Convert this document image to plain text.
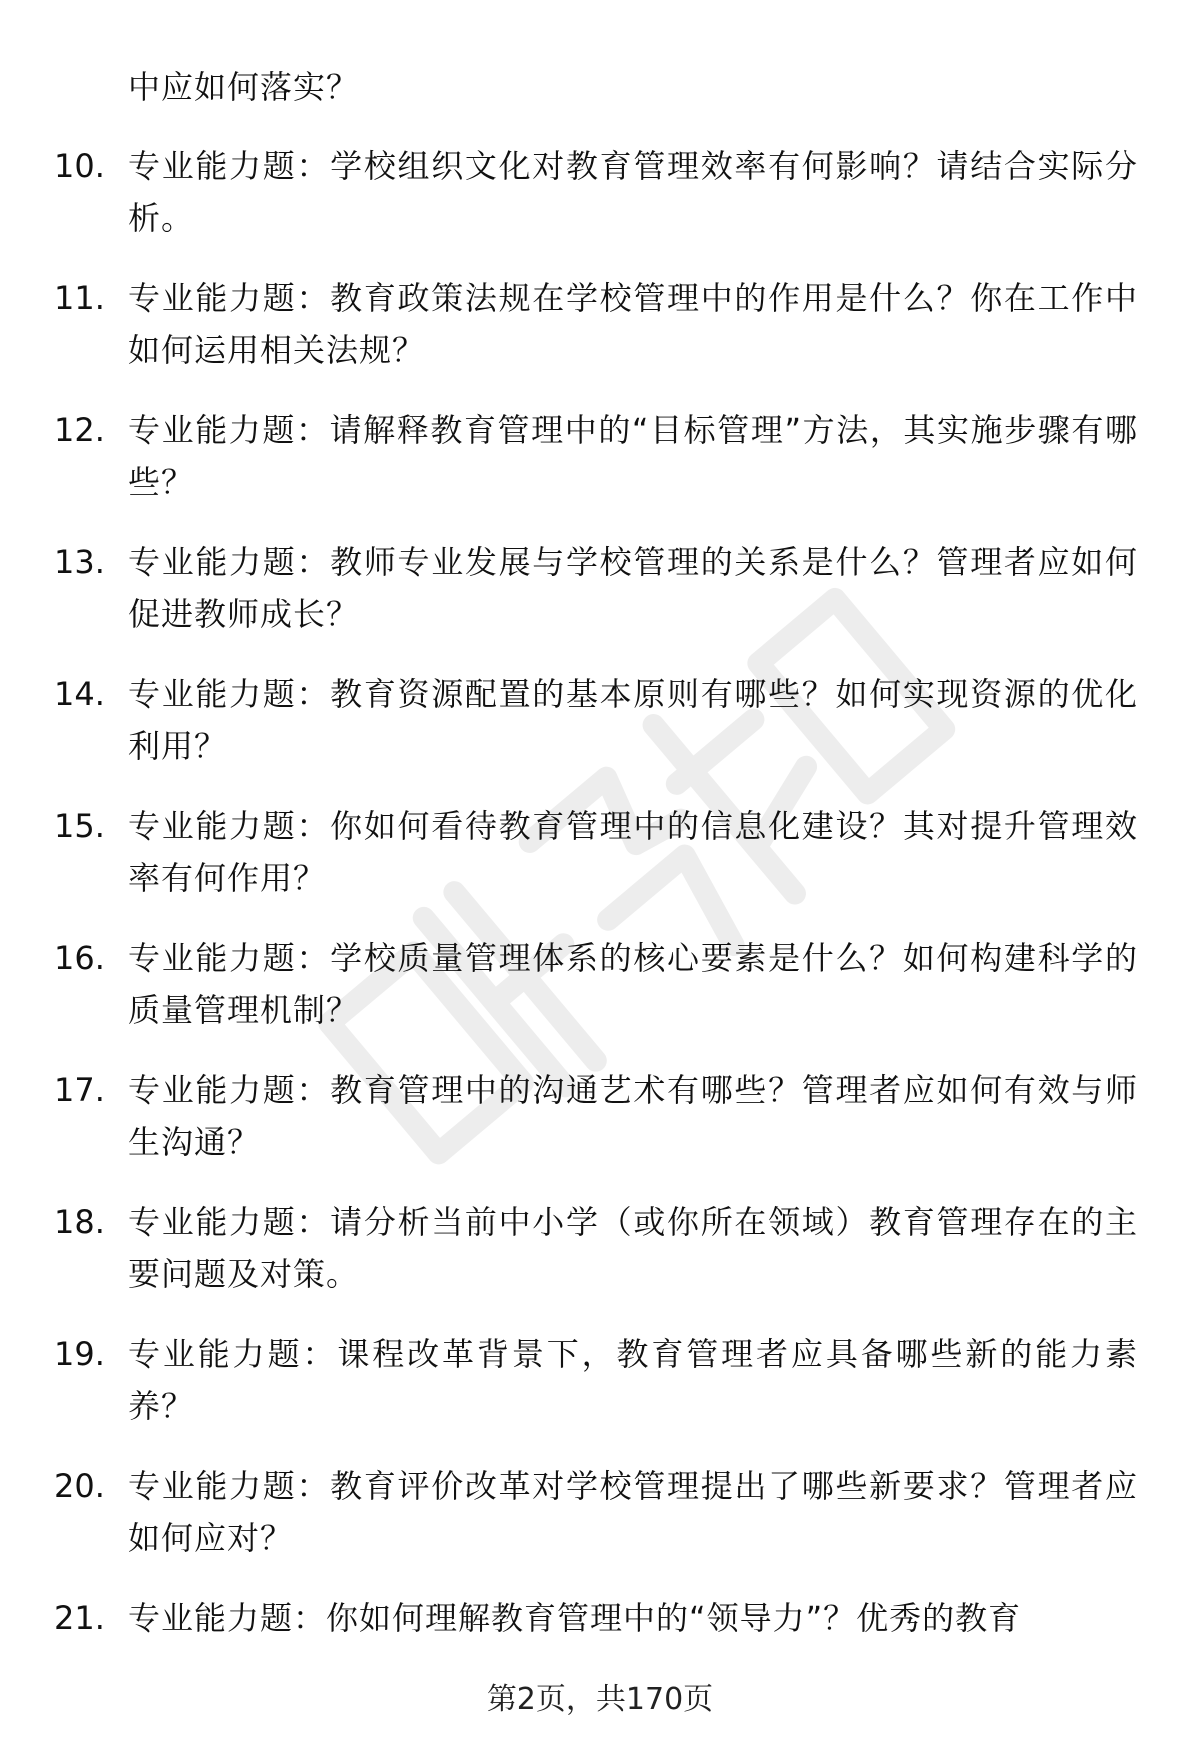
中应如何落实？
10. 专业能力题：学校组织文化对教育管理效率有何影响？请结合实际分析。
11. 专业能力题：教育政策法规在学校管理中的作用是什么？你在工作中如何运用相关法规？
12. 专业能力题：请解释教育管理中的“目标管理”方法，其实施步骤有哪些？
13. 专业能力题：教师专业发展与学校管理的关系是什么？管理者应如何促进教师成长？
14. 专业能力题：教育资源配置的基本原则有哪些？如何实现资源的优化利用？
15. 专业能力题：你如何看待教育管理中的信息化建设？其对提升管理效率有何作用？
16. 专业能力题：学校质量管理体系的核心要素是什么？如何构建科学的质量管理机制？
17. 专业能力题：教育管理中的沟通艺术有哪些？管理者应如何有效与师生沟通？
18. 专业能力题：请分析当前中小学（或你所在领域）教育管理存在的主要问题及对策。
19. 专业能力题：课程改革背景下，教育管理者应具备哪些新的能力素养？
20. 专业能力题：教育评价改革对学校管理提出了哪些新要求？管理者应如何应对？
21. 专业能力题：你如何理解教育管理中的“领导力”？优秀的教育
第2页，共170页
